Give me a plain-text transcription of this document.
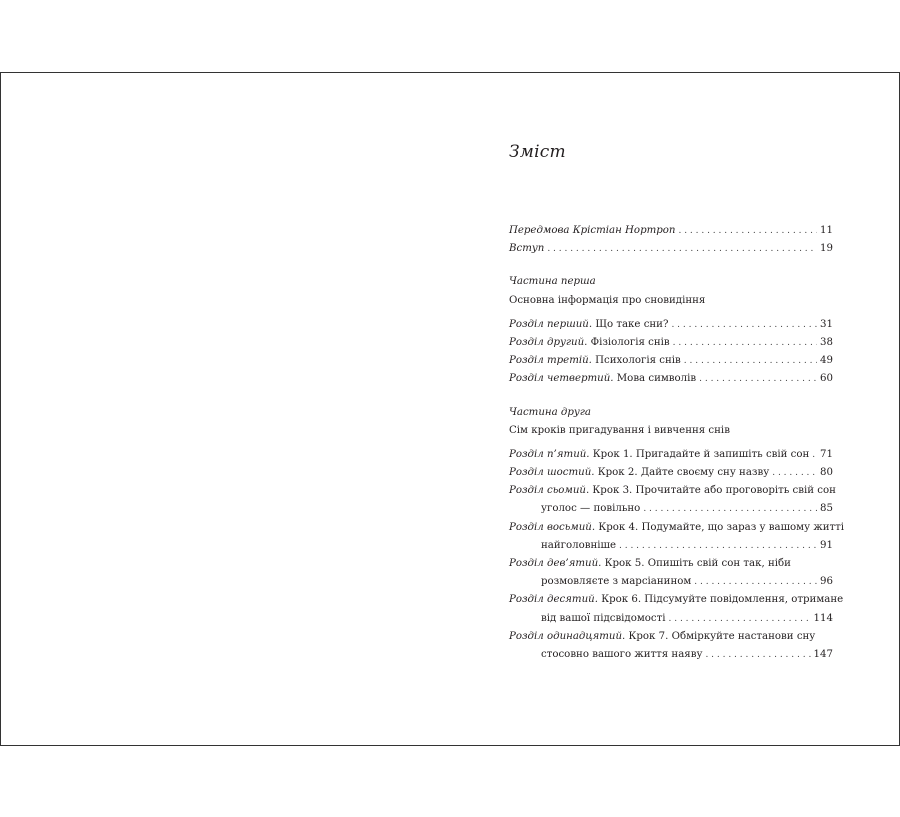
Зміст
Передмова Крістіан Нортроп . . .	11
Вступ . . .	19
Частина перша
Основна інформація про сновидіння
Розділ перший. Що таке сни? . . .	31
Розділ другий. Фізіологія снів . . .	38
Розділ третій. Психологія снів . . .	49
Розділ четвертий. Мова символів . . .	60
Частина друга
Сім кроків пригадування і вивчення снів
Розділ п’ятий. Крок 1. Пригадайте й запишіть свій сон . . . 71
Розділ шостий. Крок 2. Дайте своєму сну назву . . .	80
Розділ сьомий. Крок 3. Прочитайте або проговоріть свій сон
уголос — повільно . . .	85
Розділ восьмий. Крок 4. Подумайте, що зараз у вашому житті
найголовніше . . .	91
Розділ дев’ятий. Крок 5. Опишіть свій сон так, ніби
розмовляєте з марсіанином . . .	96
Розділ десятий. Крок 6. Підсумуйте повідомлення, отримане
від вашої підсвідомості . . .	114
Розділ одинадцятий. Крок 7. Обміркуйте настанови сну
стосовно вашого життя наяву . . .	147
